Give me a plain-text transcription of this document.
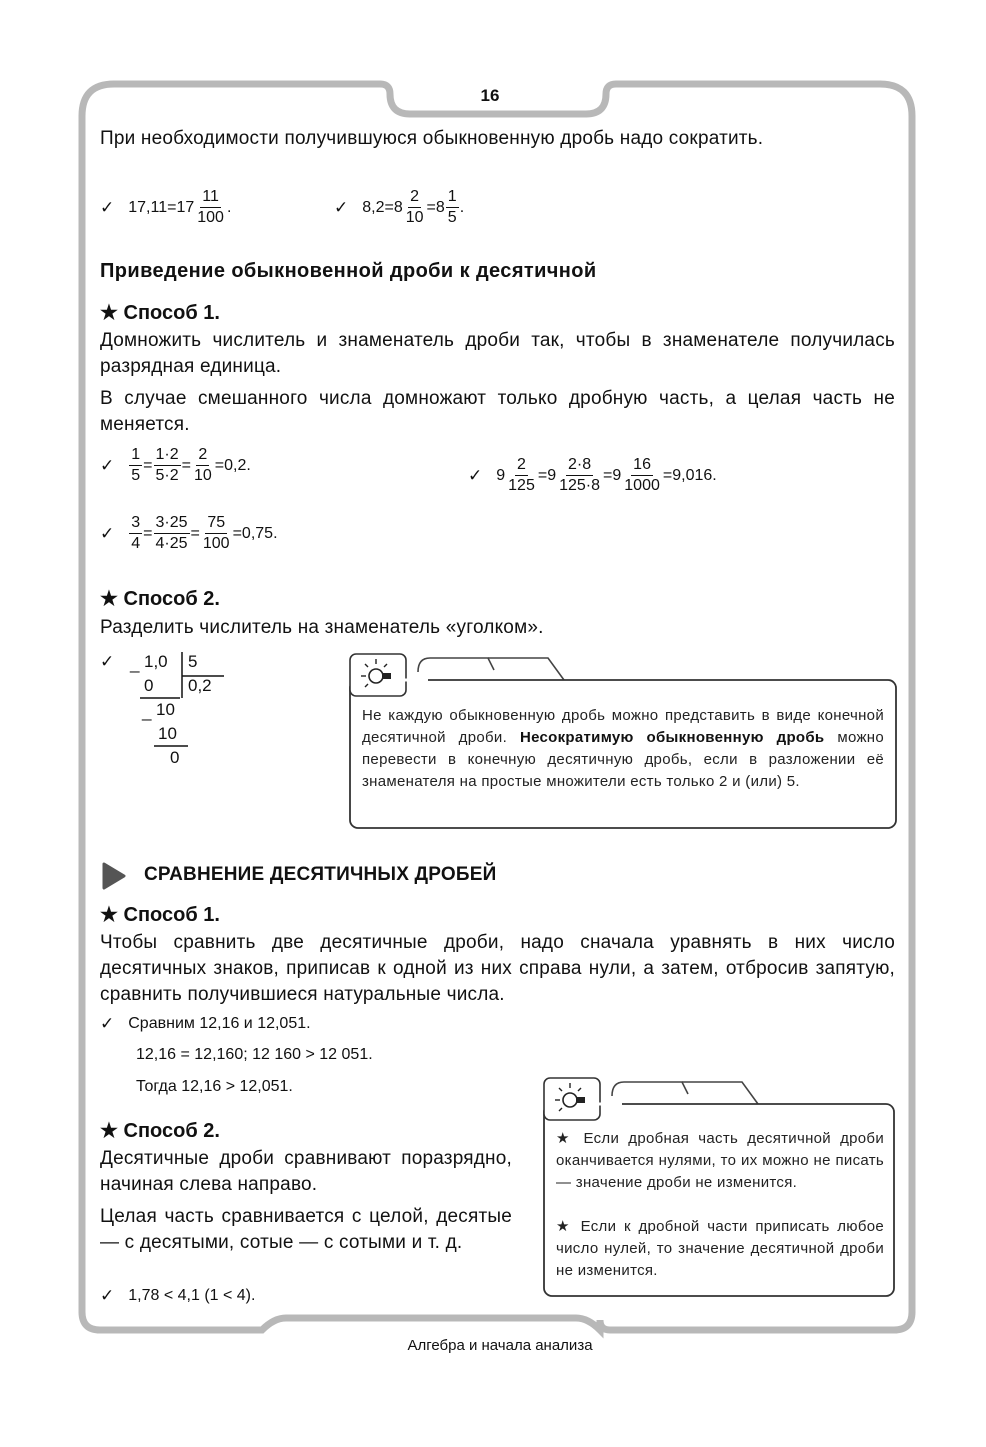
16
При необходимости получившуюся обыкновенную дробь надо сократить.
✓ $17,11=17 \frac{11}{100}$ .	✓ $8,2=8 \frac{2}{10} =8 \frac{1}{5}$ .
Приведение обыкновенной дроби к десятичной
★ Способ 1.
Домножить числитель и знаменатель дроби так, чтобы в знаменателе получилась разрядная единица.
В случае смешанного числа домножают только дробную часть, а целая часть не меняется.
✓ $\frac{1}{5} = \frac{1\cdot 2}{5\cdot 2} = \frac{2}{10} =0,2$.
✓ $9 \frac{2}{125} =9 \frac{2\cdot 8}{125\cdot 8} =9 \frac{16}{1000} =9,016$.
✓ $\frac{3}{4} = \frac{3\cdot 25}{4\cdot 25} = \frac{75}{100} =0,75$.
★ Способ 2.
Разделить числитель на знаменатель «уголком».
✓ _ 1,0 5
0 0,2
_ 10
10
0
Не каждую обыкновенную дробь можно представить в виде конечной десятичной дроби. Несократимую обыкновенную дробь можно перевести в конечную десятичную дробь, если в разложении её знаменателя на простые множители есть только 2 и (или) 5.
СРАВНЕНИЕ ДЕСЯТИЧНЫХ ДРОБЕЙ
★ Способ 1.
Чтобы сравнить две десятичные дроби, надо сначала уравнять в них число десятичных знаков, приписав к одной из них справа нули, а затем, отбросив запятую, сравнить получившиеся натуральные числа.
✓ Сравним 12,16 и 12,051.
12,16 = 12,160; 12 160 > 12 051.
Тогда 12,16 > 12,051.
★ Способ 2.
Десятичные дроби сравнивают поразрядно, начиная слева направо.
Целая часть сравнивается с целой, десятые — с десятыми, сотые — с сотыми и т. д.
✓ 1,78 < 4,1 (1 < 4).
★ Если дробная часть десятичной дроби оканчивается нулями, то их можно не писать — значение дроби не изменится.
★ Если к дробной части приписать любое число нулей, то значение десятичной дроби не изменится.
Алгебра и начала анализа
